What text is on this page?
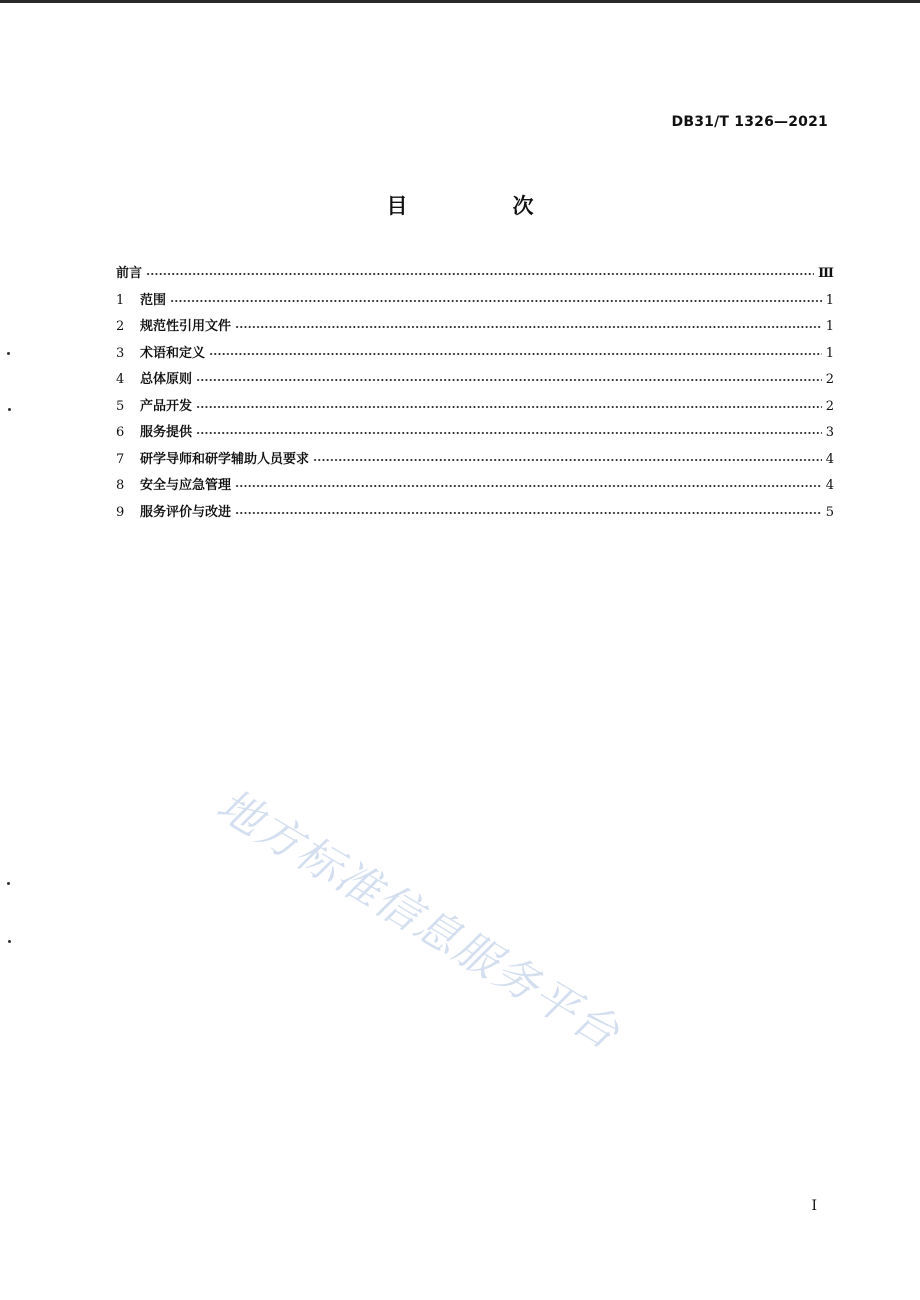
DB31/T 1326—2021
目　次
前言	Ⅲ
1	范围	1
2	规范性引用文件	1
3	术语和定义	1
4	总体原则	2
5	产品开发	2
6	服务提供	3
7	研学导师和研学辅助人员要求	4
8	安全与应急管理	4
9	服务评价与改进	5
地方标准信息服务平台
I
